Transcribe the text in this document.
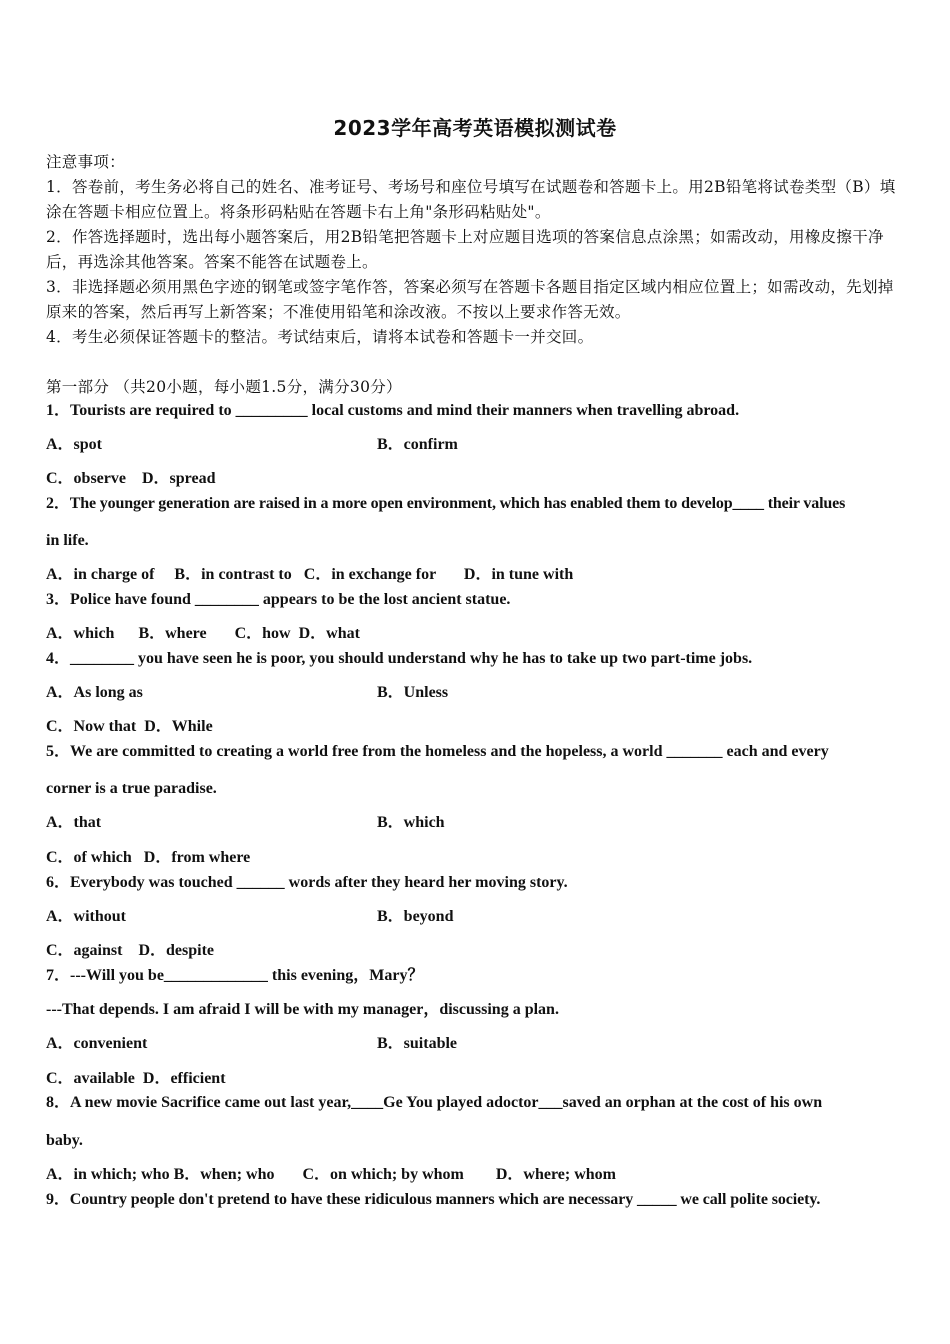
2023学年高考英语模拟测试卷
注意事项：
1．答卷前，考生务必将自己的姓名、准考证号、考场号和座位号填写在试题卷和答题卡上。用2B铅笔将试卷类型（B）填涂在答题卡相应位置上。将条形码粘贴在答题卡右上角"条形码粘贴处"。
2．作答选择题时，选出每小题答案后，用2B铅笔把答题卡上对应题目选项的答案信息点涂黑；如需改动，用橡皮擦干净后，再选涂其他答案。答案不能答在试题卷上。
3．非选择题必须用黑色字迹的钢笔或签字笔作答，答案必须写在答题卡各题目指定区域内相应位置上；如需改动，先划掉原来的答案，然后再写上新答案；不准使用铅笔和涂改液。不按以上要求作答无效。
4．考生必须保证答题卡的整洁。考试结束后，请将本试卷和答题卡一并交回。
第一部分 （共20小题，每小题1.5分，满分30分）
1．Tourists are required to _________ local customs and mind their manners when travelling abroad.
A．spot	B．confirm
C．observe    D．spread
2．The younger generation are raised in a more open environment, which has enabled them to develop____ their values
in life.
A．in charge of     B．in contrast to   C．in exchange for       D．in tune with
3．Police have found ________ appears to be the lost ancient statue.
A．which      B．where       C．how  D．what
4．________ you have seen he is poor, you should understand why he has to take up two part-time jobs.
A．As long as	B．Unless
C．Now that  D．While
5．We are committed to creating a world free from the homeless and the hopeless, a world _______ each and every
corner is a true paradise.
A．that	B．which
C．of which   D．from where
6．Everybody was touched ______ words after they heard her moving story.
A．without	B．beyond
C．against    D．despite
7．---Will you be_____________ this evening，Mary？
---That depends. I am afraid I will be with my manager，discussing a plan.
A．convenient	B．suitable
C．available  D．efficient
8．A new movie Sacrifice came out last year,____Ge You played adoctor___saved an orphan at the cost of his own
baby.
A．in which; who B．when; who       C．on which; by whom        D．where; whom
9．Country people don't pretend to have these ridiculous manners which are necessary _____ we call polite society.
